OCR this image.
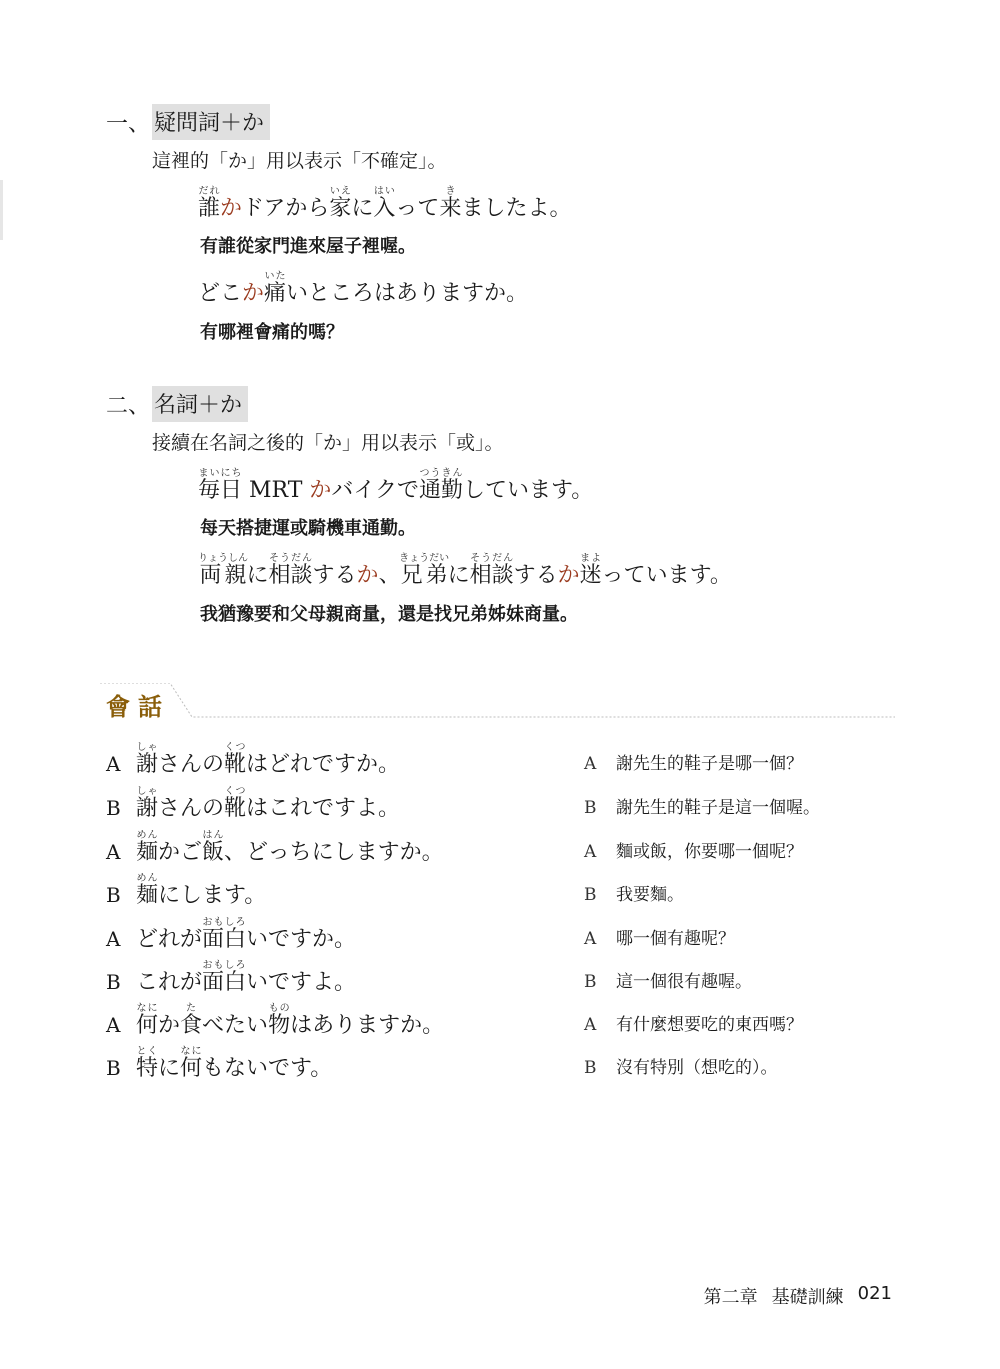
一、 疑問詞＋か
這裡的「か」用以表示「不確定」。
誰だれかドアから家いえに入はいって来きましたよ。
有誰從家門進來屋子裡喔。
どこか痛いたいところはありますか。
有哪裡會痛的嗎？
二、 名詞＋か
接續在名詞之後的「か」用以表示「或」。
毎日まいにち MRT かバイクで通勤つうきんしています。
每天搭捷運或騎機車通勤。
両親りょうしんに相談そうだんするか、兄弟きょうだいに相談そうだんするか迷まよっています。
我猶豫要和父母親商量，還是找兄弟姊妹商量。
會話
A 謝しゃさんの靴くつはどれですか。	A 謝先生的鞋子是哪一個？
B 謝しゃさんの靴くつはこれですよ。	B 謝先生的鞋子是這一個喔。
A 麺めんかご飯はん、どっちにしますか。	A 麵或飯，你要哪一個呢？
B 麺めんにします。	B 我要麵。
A どれが面白おもしろいですか。	A 哪一個有趣呢？
B これが面白おもしろいですよ。	B 這一個很有趣喔。
A 何なにか食たべたい物ものはありますか。	A 有什麼想要吃的東西嗎？
B 特とくに何なにもないです。	B 沒有特別（想吃的）。
第二章 基礎訓練 021
